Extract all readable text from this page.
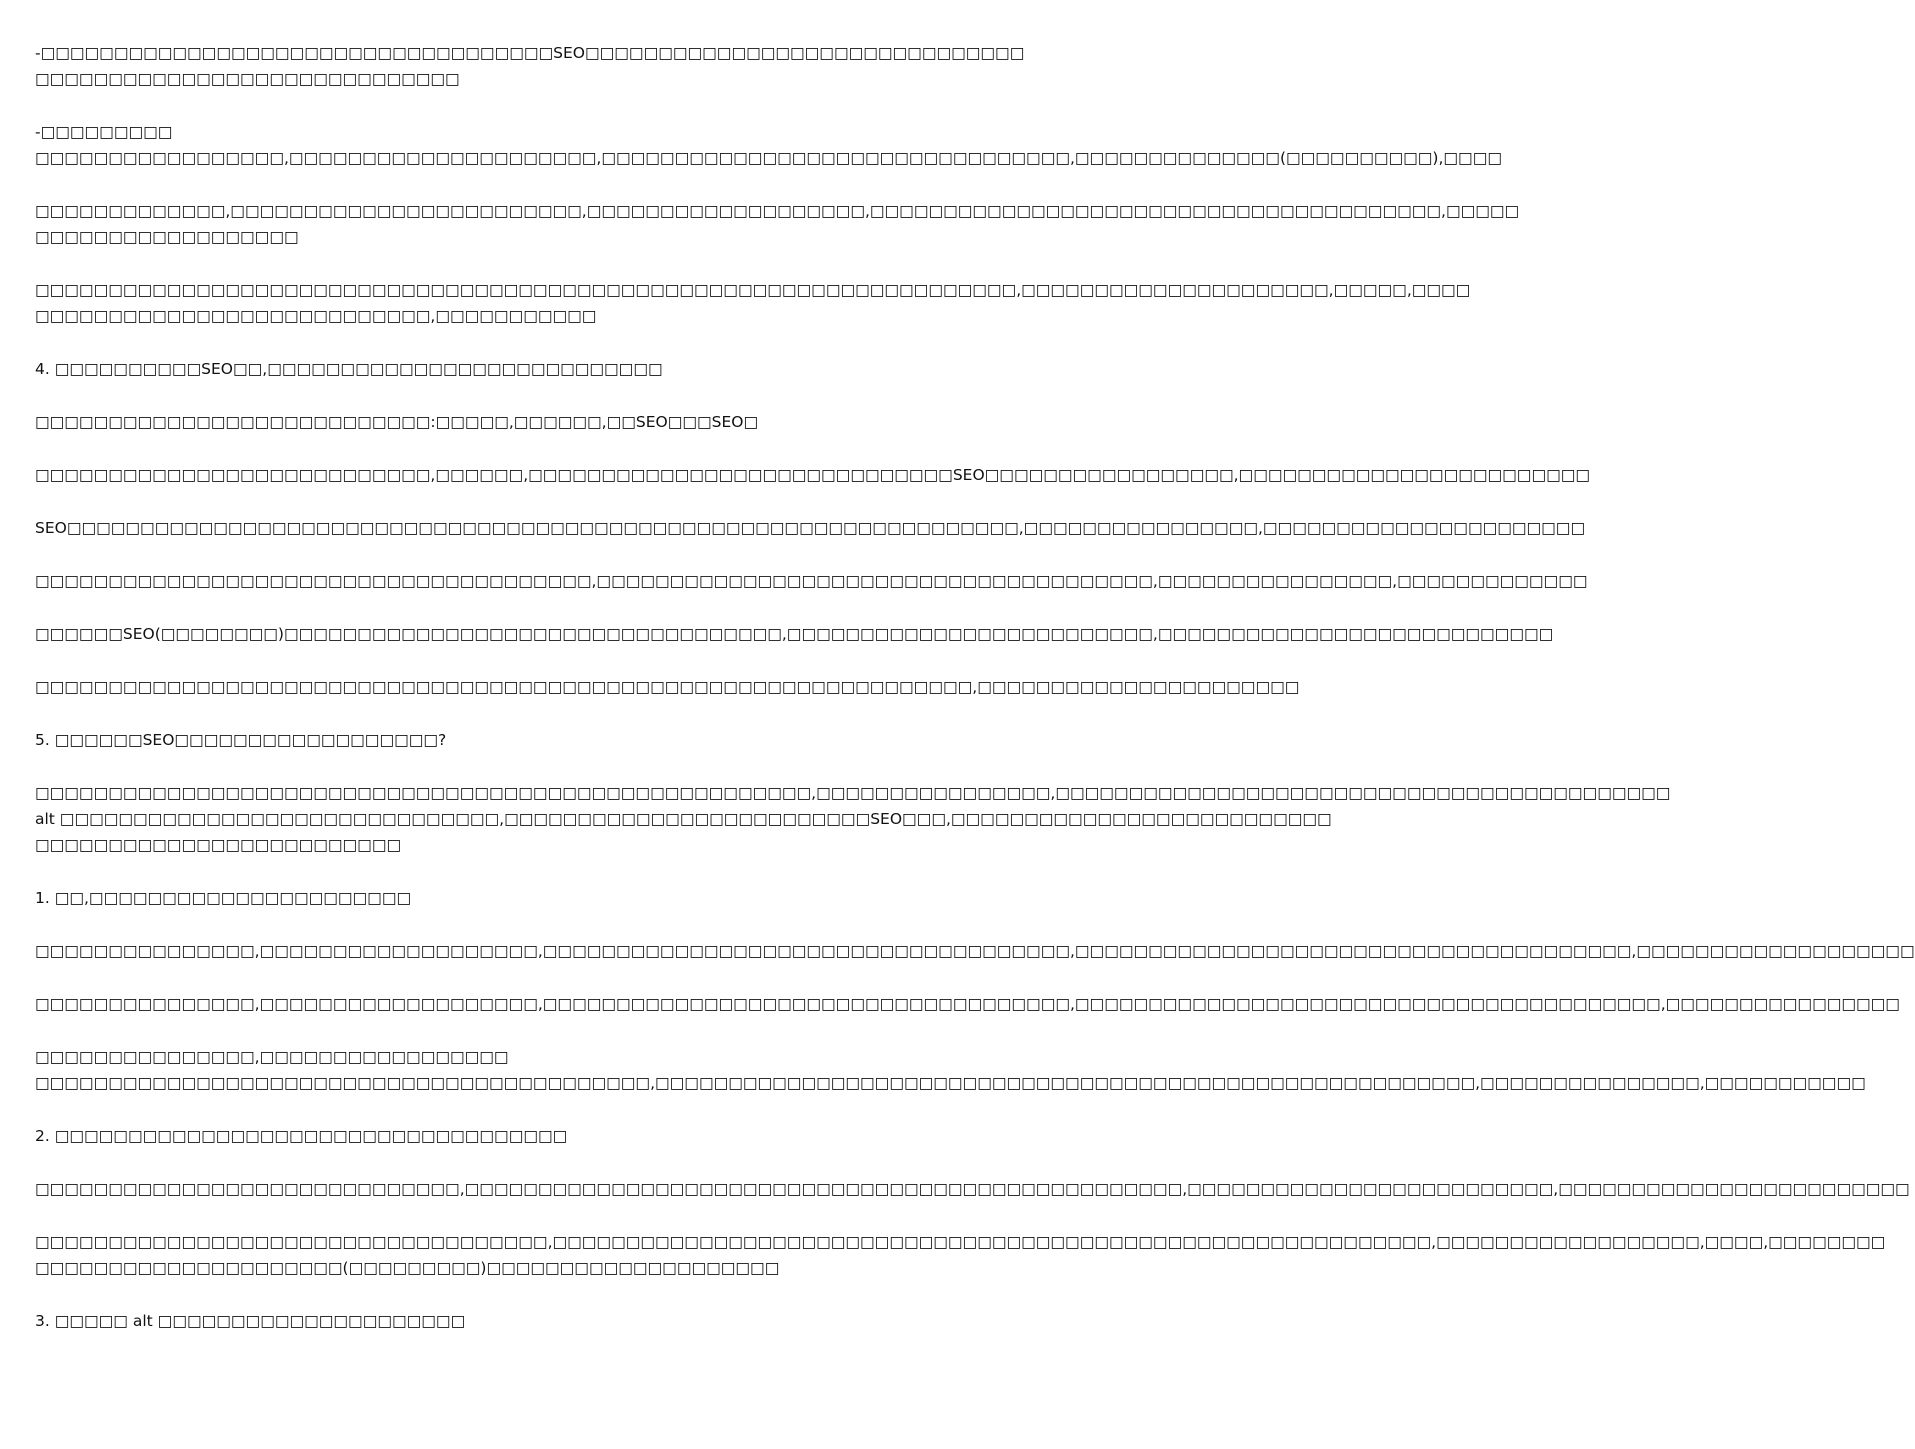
-□□□□□□□□□□□□□□□□□□□□□□□□□□□□□□□□□□□SEO□□□□□□□□□□□□□□□□□□□□□□□□□□□□□□
□□□□□□□□□□□□□□□□□□□□□□□□□□□□□
-□□□□□□□□□
□□□□□□□□□□□□□□□□□,□□□□□□□□□□□□□□□□□□□□□,□□□□□□□□□□□□□□□□□□□□□□□□□□□□□□□□,□□□□□□□□□□□□□□(□□□□□□□□□□),□□□□
□□□□□□□□□□□□□,□□□□□□□□□□□□□□□□□□□□□□□□,□□□□□□□□□□□□□□□□□□□,□□□□□□□□□□□□□□□□□□□□□□□□□□□□□□□□□□□□□□□,□□□□□
□□□□□□□□□□□□□□□□□□
□□□□□□□□□□□□□□□□□□□□□□□□□□□□□□□□□□□□□□□□□□□□□□□□□□□□□□□□□□□□□□□□□□□,□□□□□□□□□□□□□□□□□□□□□,□□□□□,□□□□
□□□□□□□□□□□□□□□□□□□□□□□□□□□,□□□□□□□□□□□
4. □□□□□□□□□□SEO□□,□□□□□□□□□□□□□□□□□□□□□□□□□□□
□□□□□□□□□□□□□□□□□□□□□□□□□□□:□□□□□,□□□□□□,□□SEO□□□SEO□
□□□□□□□□□□□□□□□□□□□□□□□□□□□,□□□□□□,□□□□□□□□□□□□□□□□□□□□□□□□□□□□□SEO□□□□□□□□□□□□□□□□□,□□□□□□□□□□□□□□□□□□□□□□□□
SEO□□□□□□□□□□□□□□□□□□□□□□□□□□□□□□□□□□□□□□□□□□□□□□□□□□□□□□□□□□□□□□□□□,□□□□□□□□□□□□□□□□,□□□□□□□□□□□□□□□□□□□□□□
□□□□□□□□□□□□□□□□□□□□□□□□□□□□□□□□□□□□□□,□□□□□□□□□□□□□□□□□□□□□□□□□□□□□□□□□□□□□□,□□□□□□□□□□□□□□□□,□□□□□□□□□□□□□
□□□□□□SEO(□□□□□□□□)□□□□□□□□□□□□□□□□□□□□□□□□□□□□□□□□□□,□□□□□□□□□□□□□□□□□□□□□□□□□,□□□□□□□□□□□□□□□□□□□□□□□□□□□
□□□□□□□□□□□□□□□□□□□□□□□□□□□□□□□□□□□□□□□□□□□□□□□□□□□□□□□□□□□□□□□□,□□□□□□□□□□□□□□□□□□□□□□
5. □□□□□□SEO□□□□□□□□□□□□□□□□□□?
□□□□□□□□□□□□□□□□□□□□□□□□□□□□□□□□□□□□□□□□□□□□□□□□□□□□□,□□□□□□□□□□□□□□□□,□□□□□□□□□□□□□□□□□□□□□□□□□□□□□□□□□□□□□□□□□□
alt □□□□□□□□□□□□□□□□□□□□□□□□□□□□□□,□□□□□□□□□□□□□□□□□□□□□□□□□SEO□□□,□□□□□□□□□□□□□□□□□□□□□□□□□□
□□□□□□□□□□□□□□□□□□□□□□□□□
1. □□,□□□□□□□□□□□□□□□□□□□□□□
□□□□□□□□□□□□□□□,□□□□□□□□□□□□□□□□□□□,□□□□□□□□□□□□□□□□□□□□□□□□□□□□□□□□□□□□,□□□□□□□□□□□□□□□□□□□□□□□□□□□□□□□□□□□□□□,□□□□□□□□□□□□□□□□□□□
□□□□□□□□□□□□□□□,□□□□□□□□□□□□□□□□□□□,□□□□□□□□□□□□□□□□□□□□□□□□□□□□□□□□□□□□,□□□□□□□□□□□□□□□□□□□□□□□□□□□□□□□□□□□□□□□□,□□□□□□□□□□□□□□□□
□□□□□□□□□□□□□□□,□□□□□□□□□□□□□□□□□
□□□□□□□□□□□□□□□□□□□□□□□□□□□□□□□□□□□□□□□□□□,□□□□□□□□□□□□□□□□□□□□□□□□□□□□□□□□□□□□□□□□□□□□□□□□□□□□□□□□,□□□□□□□□□□□□□□□,□□□□□□□□□□□
2. □□□□□□□□□□□□□□□□□□□□□□□□□□□□□□□□□□□
□□□□□□□□□□□□□□□□□□□□□□□□□□□□□,□□□□□□□□□□□□□□□□□□□□□□□□□□□□□□□□□□□□□□□□□□□□□□□□□,□□□□□□□□□□□□□□□□□□□□□□□□□,□□□□□□□□□□□□□□□□□□□□□□□□
□□□□□□□□□□□□□□□□□□□□□□□□□□□□□□□□□□□,□□□□□□□□□□□□□□□□□□□□□□□□□□□□□□□□□□□□□□□□□□□□□□□□□□□□□□□□□□□□,□□□□□□□□□□□□□□□□□□,□□□□,□□□□□□□□
□□□□□□□□□□□□□□□□□□□□□(□□□□□□□□□)□□□□□□□□□□□□□□□□□□□□
3. □□□□□ alt □□□□□□□□□□□□□□□□□□□□□
